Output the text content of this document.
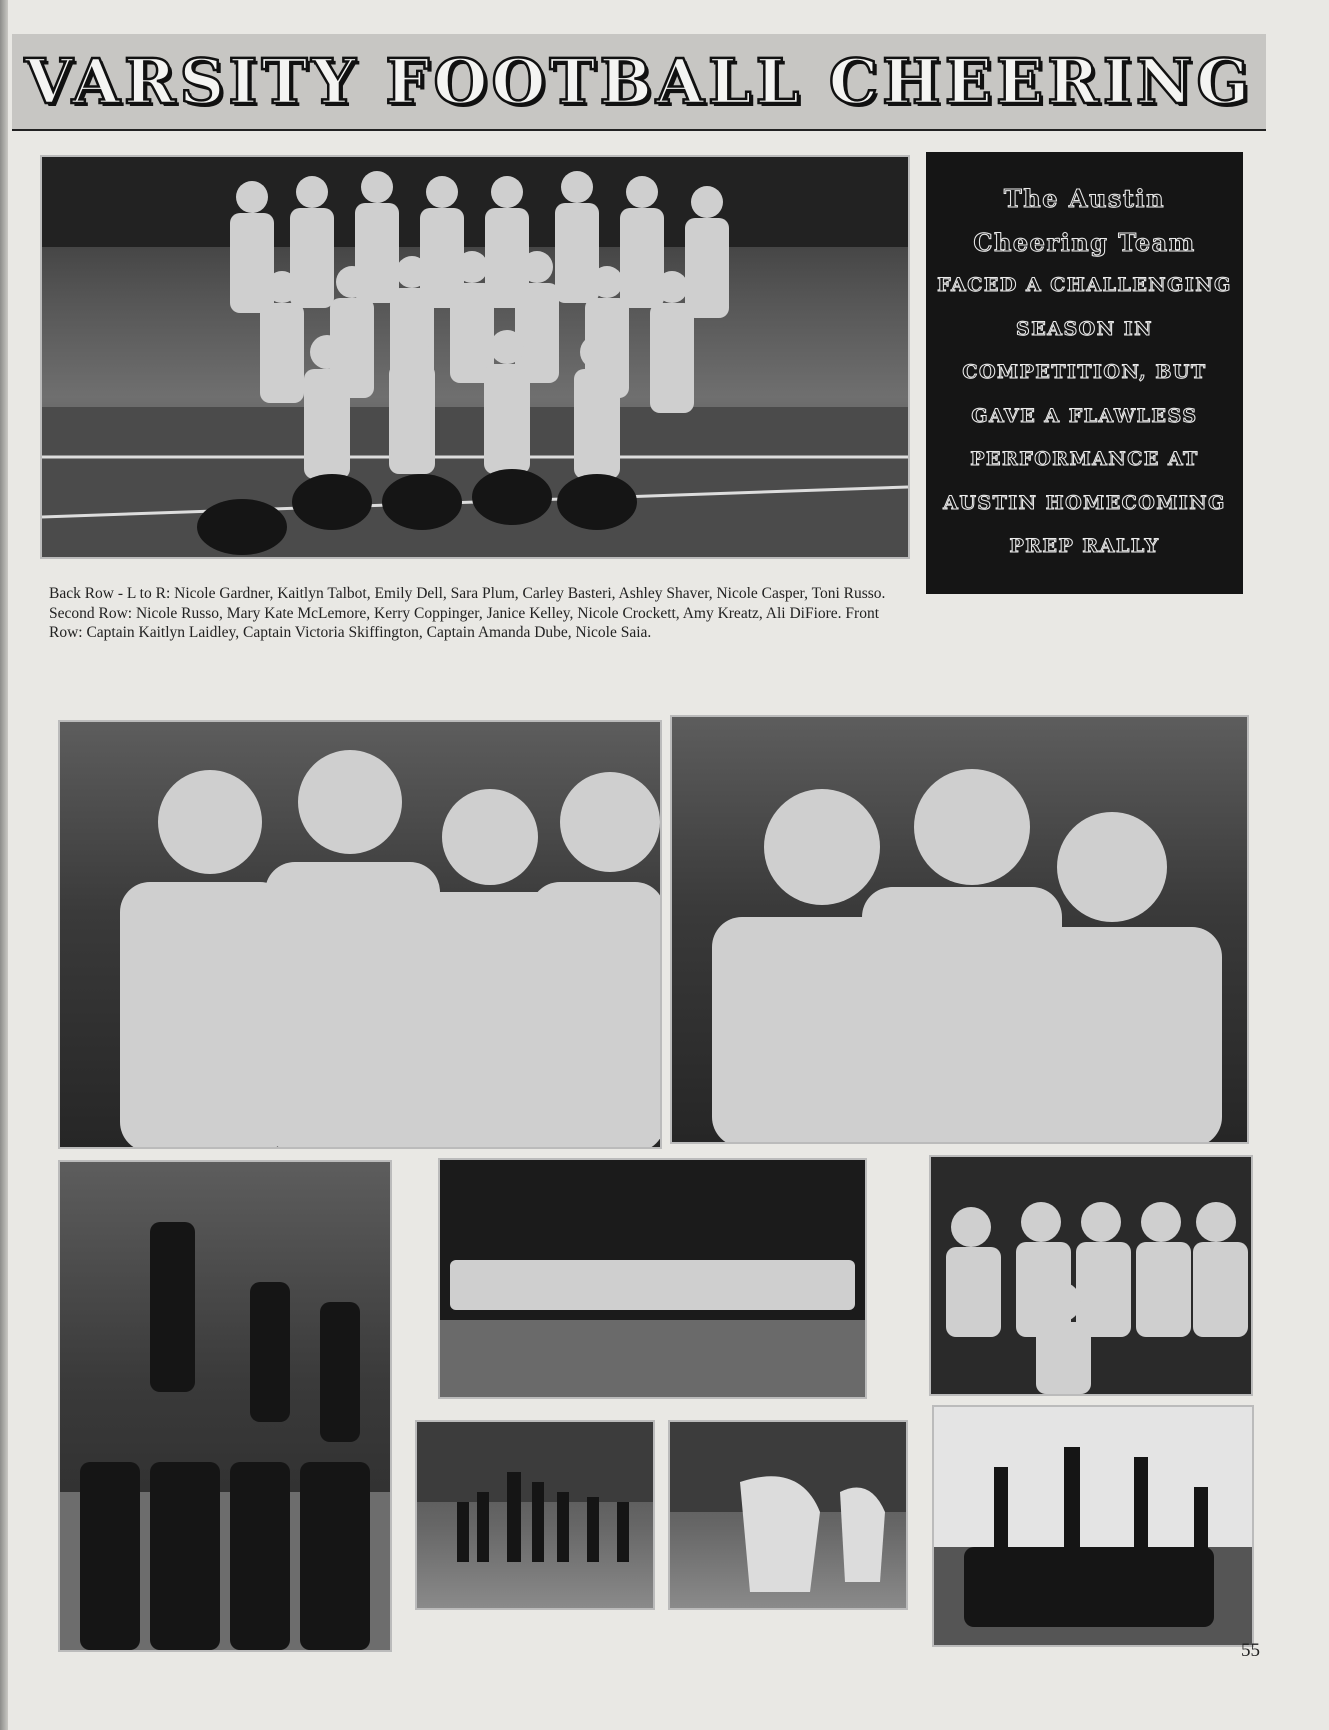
VARSITY FOOTBALL CHEERING
The Austin
Cheering Team
FACED A CHALLENGING
SEASON IN
COMPETITION, BUT
GAVE A FLAWLESS
PERFORMANCE AT
AUSTIN HOMECOMING
PREP RALLY
Back Row - L to R: Nicole Gardner, Kaitlyn Talbot, Emily Dell, Sara Plum, Carley Basteri, Ashley Shaver, Nicole Casper, Toni Russo. Second Row: Nicole Russo, Mary Kate McLemore, Kerry Coppinger, Janice Kelley, Nicole Crockett, Amy Kreatz, Ali DiFiore. Front Row: Captain Kaitlyn Laidley, Captain Victoria Skiffington, Captain Amanda Dube, Nicole Saia.
55
